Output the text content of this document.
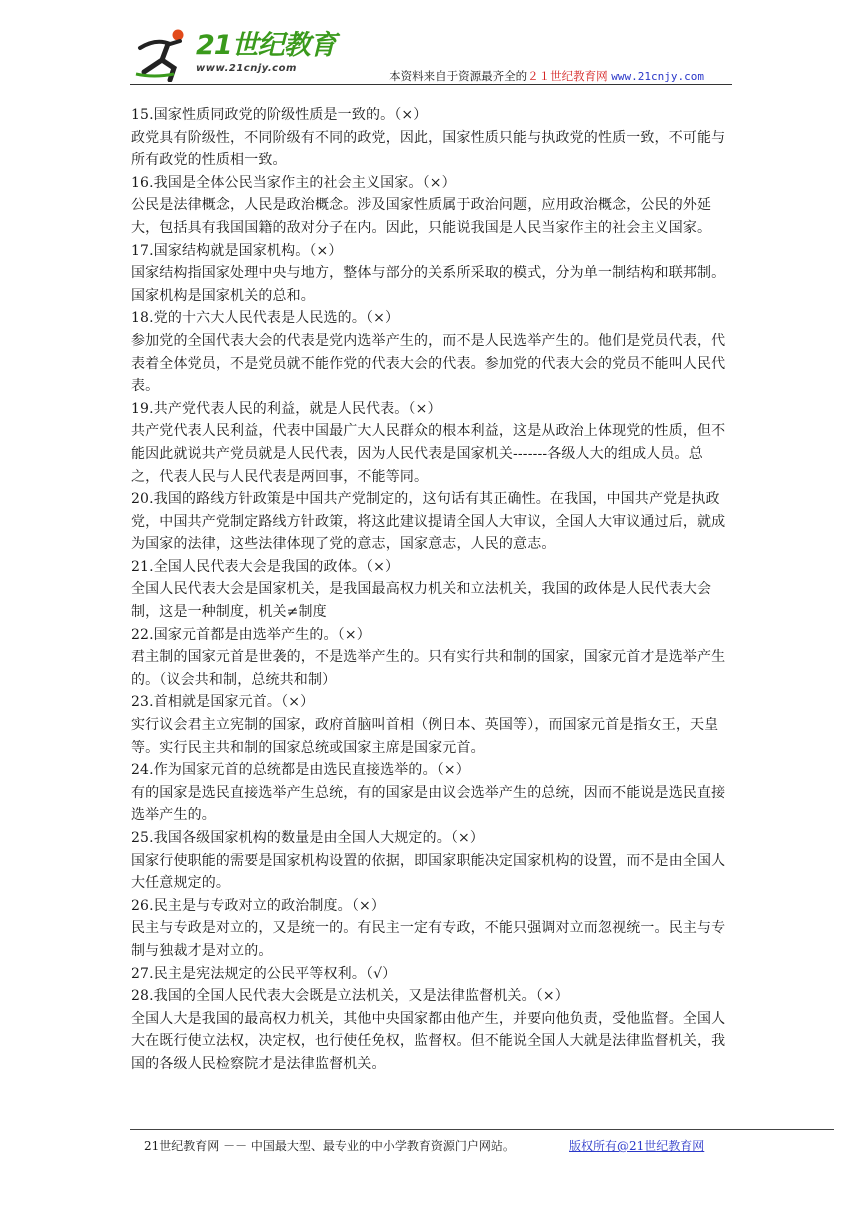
21世纪教育
www.21cnjy.com
本资料来自于资源最齐全的２１世纪教育网 www.21cnjy.com

15.国家性质同政党的阶级性质是一致的。（×）

政党具有阶级性，不同阶级有不同的政党，因此，国家性质只能与执政党的性质一致，不可能与所有政党的性质相一致。

16.我国是全体公民当家作主的社会主义国家。（×）

公民是法律概念，人民是政治概念。涉及国家性质属于政治问题，应用政治概念，公民的外延大，包括具有我国国籍的敌对分子在内。因此，只能说我国是人民当家作主的社会主义国家。

17.国家结构就是国家机构。（×）

国家结构指国家处理中央与地方，整体与部分的关系所采取的模式，分为单一制结构和联邦制。国家机构是国家机关的总和。

18.党的十六大人民代表是人民选的。（×）

参加党的全国代表大会的代表是党内选举产生的，而不是人民选举产生的。他们是党员代表，代表着全体党员，不是党员就不能作党的代表大会的代表。参加党的代表大会的党员不能叫人民代表。

19.共产党代表人民的利益，就是人民代表。（×）

共产党代表人民利益，代表中国最广大人民群众的根本利益，这是从政治上体现党的性质，但不能因此就说共产党员就是人民代表，因为人民代表是国家机关-------各级人大的组成人员。总之，代表人民与人民代表是两回事，不能等同。

20.我国的路线方针政策是中国共产党制定的，这句话有其正确性。在我国，中国共产党是执政党，中国共产党制定路线方针政策，将这此建议提请全国人大审议，全国人大审议通过后，就成为国家的法律，这些法律体现了党的意志，国家意志，人民的意志。

21.全国人民代表大会是我国的政体。（×）

全国人民代表大会是国家机关，是我国最高权力机关和立法机关，我国的政体是人民代表大会制，这是一种制度，机关≠制度

22.国家元首都是由选举产生的。（×）

君主制的国家元首是世袭的，不是选举产生的。只有实行共和制的国家，国家元首才是选举产生的。（议会共和制，总统共和制）

23.首相就是国家元首。（×）

实行议会君主立宪制的国家，政府首脑叫首相（例日本、英国等），而国家元首是指女王，天皇等。实行民主共和制的国家总统或国家主席是国家元首。

24.作为国家元首的总统都是由选民直接选举的。（×）

有的国家是选民直接选举产生总统，有的国家是由议会选举产生的总统，因而不能说是选民直接选举产生的。

25.我国各级国家机构的数量是由全国人大规定的。（×）

国家行使职能的需要是国家机构设置的依据，即国家职能决定国家机构的设置，而不是由全国人大任意规定的。

26.民主是与专政对立的政治制度。（×）

民主与专政是对立的，又是统一的。有民主一定有专政，不能只强调对立而忽视统一。民主与专制与独裁才是对立的。

27.民主是宪法规定的公民平等权利。（√）

28.我国的全国人民代表大会既是立法机关，又是法律监督机关。（×）

全国人大是我国的最高权力机关，其他中央国家都由他产生，并要向他负责，受他监督。全国人大在既行使立法权，决定权，也行使任免权，监督权。但不能说全国人大就是法律监督机关，我国的各级人民检察院才是法律监督机关。

21世纪教育网 －－ 中国最大型、最专业的中小学教育资源门户网站。	版权所有@21世纪教育网
